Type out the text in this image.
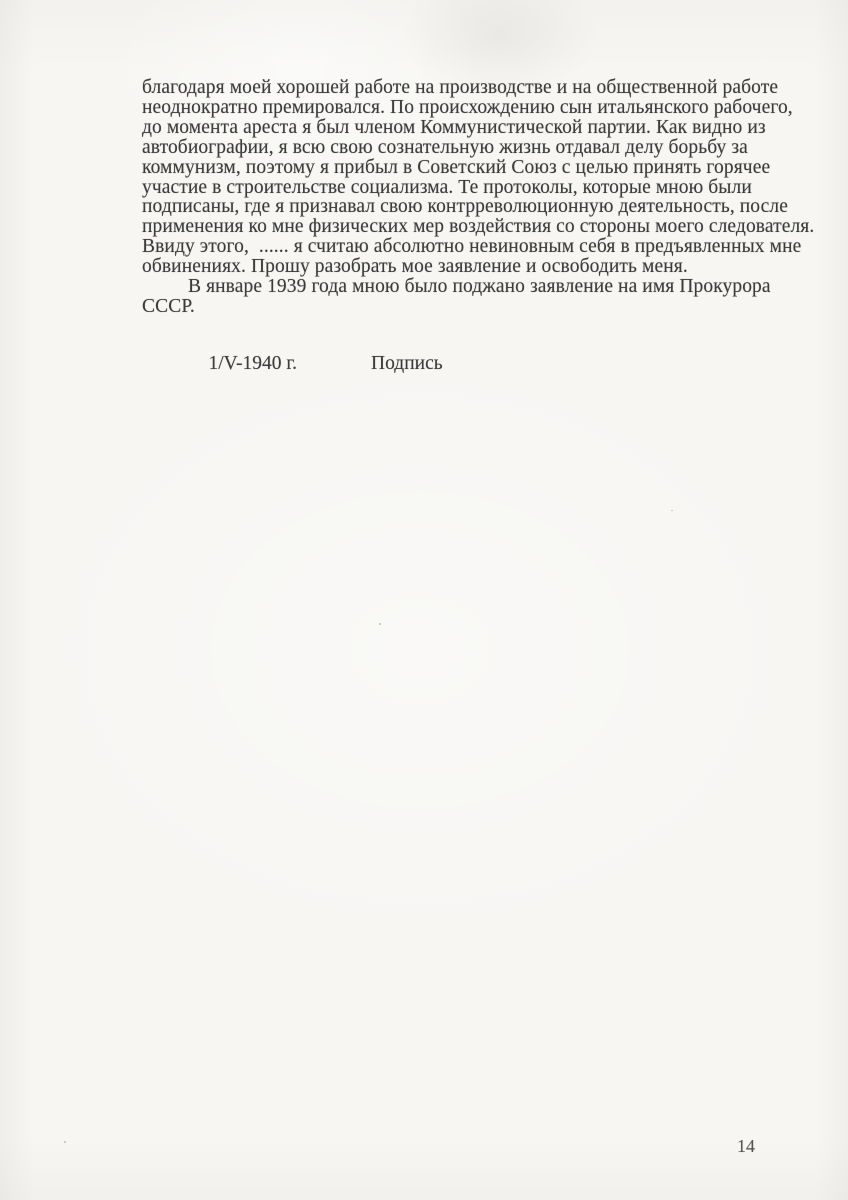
благодаря моей хорошей работе на производстве и на общественной работе
неоднократно премировался. По происхождению сын итальянского рабочего,
до момента ареста я был членом Коммунистической партии. Как видно из
автобиографии, я всю свою сознательную жизнь отдавал делу борьбу за
коммунизм, поэтому я прибыл в Советский Союз с целью принять горячее
участие в строительстве социализма. Те протоколы, которые мною были
подписаны, где я признавал свою контрреволюционную деятельность, после
применения ко мне физических мер воздействия со стороны моего следователя.
Ввиду этого,  ...... я считаю абсолютно невиновным себя в предъявленных мне
обвинениях. Прошу разобрать мое заявление и освободить меня.
В январе 1939 года мною было поджано заявление на имя Прокурора
СССР.

1/V-1940 г.	Подпись

14
